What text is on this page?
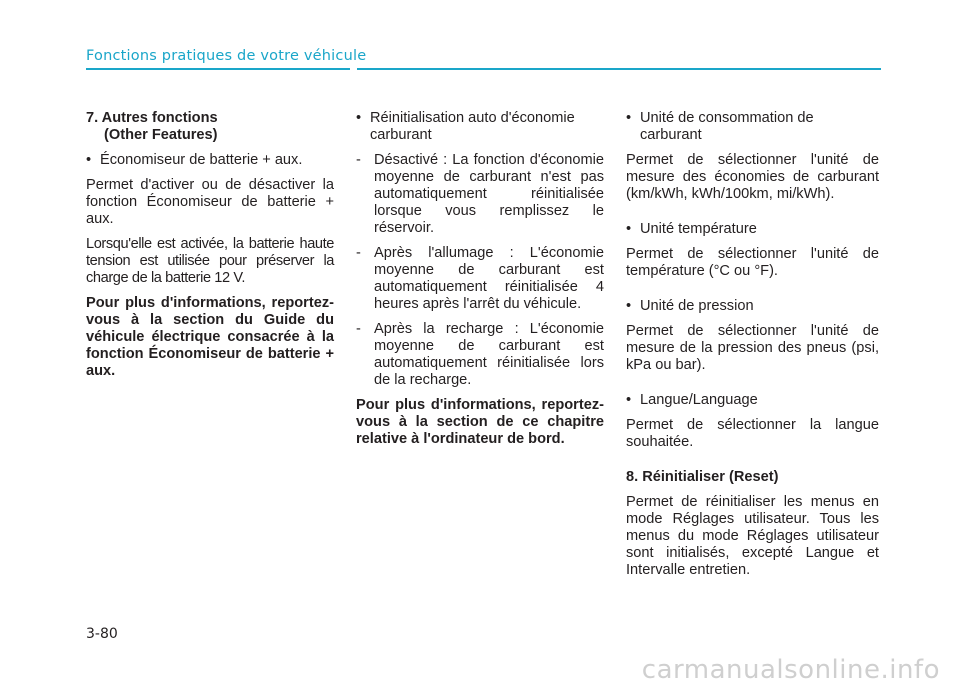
Fonctions pratiques de votre véhicule

7. Autres fonctions
(Other Features)

• Économiseur de batterie + aux.

Permet d'activer ou de désactiver la fonction Économiseur de batterie + aux.

Lorsqu'elle est activée, la batterie haute tension est utilisée pour préserver la charge de la batterie 12 V.

Pour plus d'informations, reportez-vous à la section du Guide du véhicule électrique consacrée à la fonction Économiseur de batterie + aux.

• Réinitialisation auto d'économie carburant

- Désactivé : La fonction d'économie moyenne de carburant n'est pas automatiquement réinitialisée lorsque vous remplissez le réservoir.

- Après l'allumage : L'économie moyenne de carburant est automatiquement réinitialisée 4 heures après l'arrêt du véhicule.

- Après la recharge : L'économie moyenne de carburant est automatiquement réinitialisée lors de la recharge.

Pour plus d'informations, reportez-vous à la section de ce chapitre relative à l'ordinateur de bord.

• Unité de consommation de carburant

Permet de sélectionner l'unité de mesure des économies de carburant (km/kWh, kWh/100km, mi/kWh).

• Unité température

Permet de sélectionner l'unité de température (°C ou °F).

• Unité de pression

Permet de sélectionner l'unité de mesure de la pression des pneus (psi, kPa ou bar).

• Langue/Language

Permet de sélectionner la langue souhaitée.

8. Réinitialiser (Reset)

Permet de réinitialiser les menus en mode Réglages utilisateur. Tous les menus du mode Réglages utilisateur sont initialisés, excepté Langue et Intervalle entretien.

3-80
carmanualsonline.info
